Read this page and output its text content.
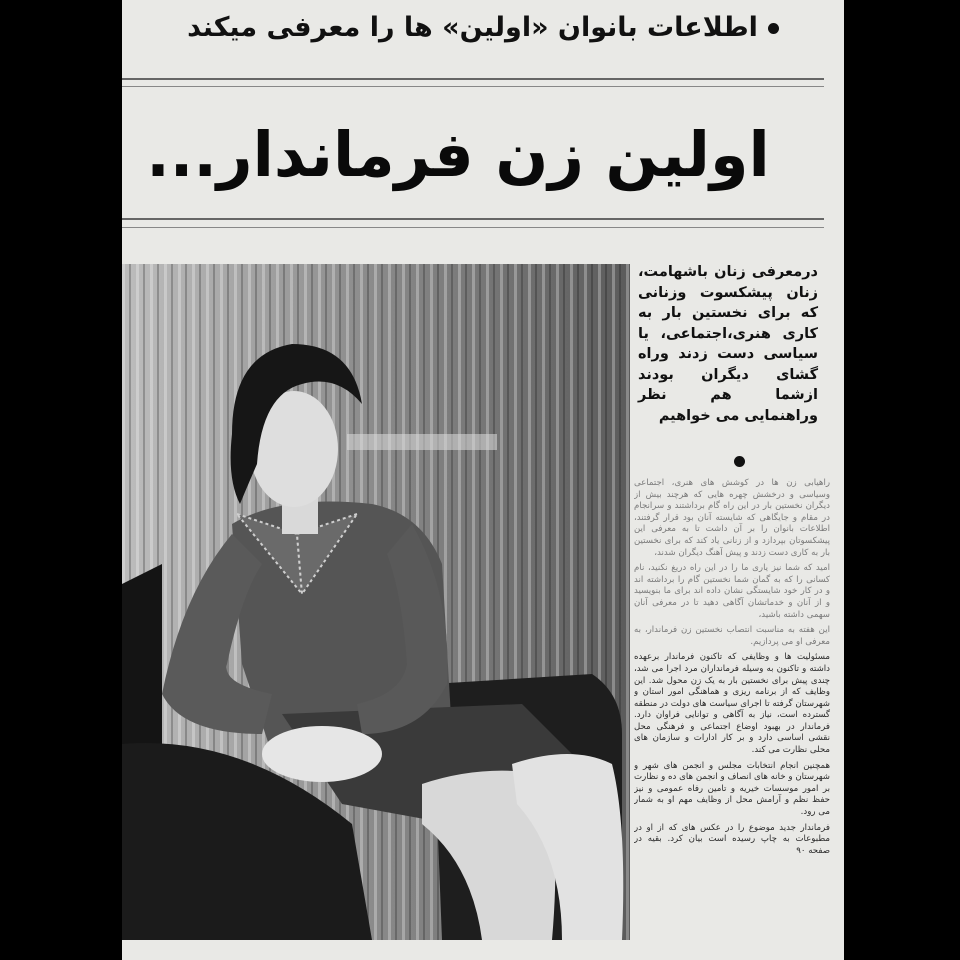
اطلاعات بانوان «اولین» ها را معرفی میکند
اولین زن فرماندار...
درمعرفی زنان باشهامت، زنان پیشکسوت وزنانی که برای نخستین بار به کاری هنری،اجتماعی، یا سیاسی دست زدند وراه گشای دیگران بودند ازشما هم نظر وراهنمایی می خواهیم

راهیابی زن ها در کوشش های هنری، اجتماعی وسیاسی و درخشش چهره هایی که هرچند بیش از دیگران نخستین بار در این راه گام برداشتند و سرانجام در مقام و جایگاهی که شایسته آنان بود قرار گرفتند، اطلاعات بانوان را بر آن داشت تا به معرفی این پیشکسوتان بپردازد و از زنانی یاد کند که برای نخستین بار به کاری دست زدند و پیش آهنگ دیگران شدند،

امید که شما نیز یاری ما را در این راه دریغ نکنید، نام کسانی را که به گمان شما نخستین گام را برداشته اند و در کار خود شایستگی نشان داده اند برای ما بنویسید و از آنان و خدماتشان آگاهی دهید تا در معرفی آنان سهمی داشته باشید،

این هفته به مناسبت انتصاب نخستین زن فرماندار، به معرفی او می پردازیم.

مسئولیت ها و وظایفی که تاکنون فرماندار برعهده داشته و تاکنون به وسیله فرمانداران مرد اجرا می شد، چندی پیش برای نخستین بار به یک زن محول شد. این وظایف که از برنامه ریزی و هماهنگی امور استان و شهرستان گرفته تا اجرای سیاست های دولت در منطقه گسترده است، نیاز به آگاهی و توانایی فراوان دارد. فرماندار در بهبود اوضاع اجتماعی و فرهنگی محل نقشی اساسی دارد و بر کار ادارات و سازمان های محلی نظارت می کند.

همچنین انجام انتخابات مجلس و انجمن های شهر و شهرستان و خانه های انصاف و انجمن های ده و نظارت بر امور موسسات خیریه و تامین رفاه عمومی و نیز حفظ نظم و آرامش محل از وظایف مهم او به شمار می رود.

فرماندار جدید موضوع را در عکس های که از او در مطبوعات به چاپ رسیده است بیان کرد. بقیه در صفحه ۹۰
